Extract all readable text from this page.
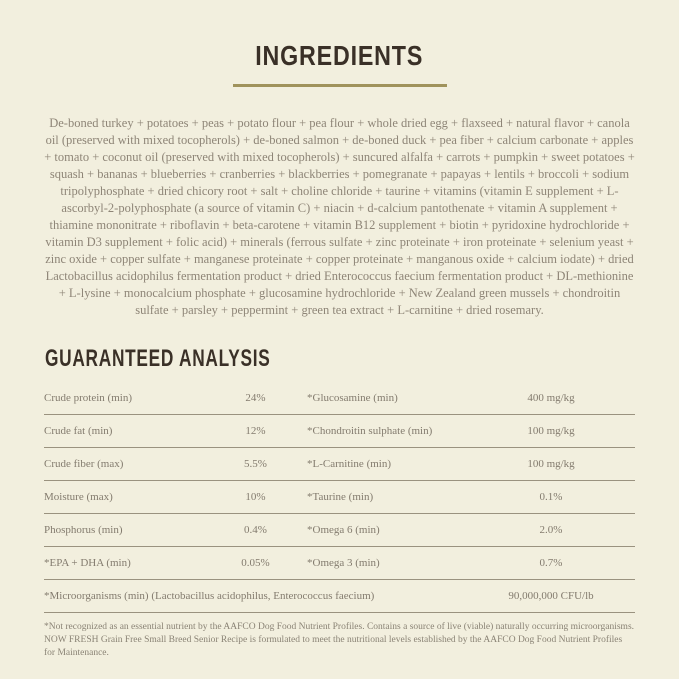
INGREDIENTS

De-boned turkey + potatoes + peas + potato flour + pea flour + whole dried egg + flaxseed + natural flavor + canola oil (preserved with mixed tocopherols) + de-boned salmon + de-boned duck + pea fiber + calcium carbonate + apples + tomato + coconut oil (preserved with mixed tocopherols) + suncured alfalfa + carrots + pumpkin + sweet potatoes + squash + bananas + blueberries + cranberries + blackberries + pomegranate + papayas + lentils + broccoli + sodium tripolyphosphate + dried chicory root + salt + choline chloride + taurine + vitamins (vitamin E supplement + L-ascorbyl-2-polyphosphate (a source of vitamin C) + niacin + d-calcium pantothenate + vitamin A supplement + thiamine mononitrate + riboflavin + beta-carotene + vitamin B12 supplement + biotin + pyridoxine hydrochloride + vitamin D3 supplement + folic acid) + minerals (ferrous sulfate + zinc proteinate + iron proteinate + selenium yeast + zinc oxide + copper sulfate + manganese proteinate + copper proteinate + manganous oxide + calcium iodate) + dried Lactobacillus acidophilus fermentation product + dried Enterococcus faecium fermentation product + DL-methionine + L-lysine + monocalcium phosphate + glucosamine hydrochloride + New Zealand green mussels + chondroitin sulfate + parsley + peppermint + green tea extract + L-carnitine + dried rosemary.

GUARANTEED ANALYSIS
Crude protein (min)	24%	*Glucosamine (min)	400 mg/kg
Crude fat (min)	12%	*Chondroitin sulphate (min)	100 mg/kg
Crude fiber (max)	5.5%	*L-Carnitine (min)	100 mg/kg
Moisture (max)	10%	*Taurine (min)	0.1%
Phosphorus (min)	0.4%	*Omega 6 (min)	2.0%
*EPA + DHA (min)	0.05%	*Omega 3 (min)	0.7%
*Microorganisms (min) (Lactobacillus acidophilus, Enterococcus faecium)	90,000,000 CFU/lb

*Not recognized as an essential nutrient by the AAFCO Dog Food Nutrient Profiles. Contains a source of live (viable) naturally occurring microorganisms.

NOW FRESH Grain Free Small Breed Senior Recipe is formulated to meet the nutritional levels established by the AAFCO Dog Food Nutrient Profiles for Maintenance.
